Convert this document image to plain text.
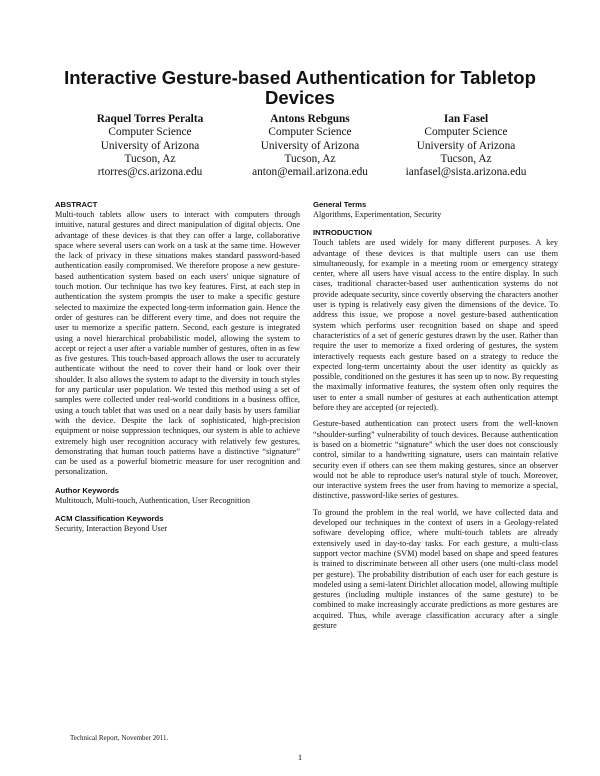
Interactive Gesture-based Authentication for Tabletop Devices
Raquel Torres Peralta
Computer Science
University of Arizona
Tucson, Az
rtorres@cs.arizona.edu
Antons Rebguns
Computer Science
University of Arizona
Tucson, Az
anton@email.arizona.edu
Ian Fasel
Computer Science
University of Arizona
Tucson, Az
ianfasel@sista.arizona.edu
ABSTRACT

Multi-touch tablets allow users to interact with computers through intuitive, natural gestures and direct manipulation of digital objects. One advantage of these devices is that they can offer a large, collaborative space where several users can work on a task at the same time. However the lack of privacy in these situations makes standard password-based authentication easily compromised. We therefore propose a new gesture-based authentication system based on each users' unique signature of touch motion. Our technique has two key features. First, at each step in authentication the system prompts the user to make a specific gesture selected to maximize the expected long-term information gain. Hence the order of gestures can be different every time, and does not require the user to memorize a specific pattern. Second, each gesture is integrated using a novel hierarchical probabilistic model, allowing the system to accept or reject a user after a variable number of gestures, often in as few as five gestures. This touch-based approach allows the user to accurately authenticate without the need to cover their hand or look over their shoulder. It also allows the system to adapt to the diversity in touch styles for any particular user population. We tested this method using a set of samples were collected under real-world conditions in a business office, using a touch tablet that was used on a near daily basis by users familiar with the device. Despite the lack of sophisticated, high-precision equipment or noise suppression techniques, our system is able to achieve extremely high user recognition accuracy with relatively few gestures, demonstrating that human touch patterns have a distinctive “signature” can be used as a powerful biometric measure for user recognition and personalization.

Author Keywords

Multitouch, Multi-touch, Authentication, User Recognition

ACM Classification Keywords

Security, Interaction Beyond User

General Terms

Algorithms, Experimentation, Security

INTRODUCTION

Touch tablets are used widely for many different purposes. A key advantage of these devices is that multiple users can use them simultaneously, for example in a meeting room or emergency strategy center, where all users have visual access to the entire display. In such cases, traditional character-based user authentication systems do not provide adequate security, since covertly observing the characters another user is typing is relatively easy given the dimensions of the device. To address this issue, we propose a novel gesture-based authentication system which performs user recognition based on shape and speed characteristics of a set of generic gestures drawn by the user. Rather than require the user to memorize a fixed ordering of gestures, the system interactively requests each gesture based on a strategy to reduce the expected long-term uncertainty about the user identity as quickly as possible, conditioned on the gestures it has seen up to now. By requesting the maximally informative features, the system often only requires the user to enter a small number of gestures at each authentication attempt before they are accepted (or rejected).

Gesture-based authentication can protect users from the well-known “shoulder-surfing” vulnerability of touch devices. Because authentication is based on a biometric “signature” which the user does not consciously control, similar to a handwriting signature, users can maintain relative security even if others can see them making gestures, since an observer would not be able to reproduce user's natural style of touch. Moreover, our interactive system frees the user from having to memorize a special, distinctive, password-like series of gestures.

To ground the problem in the real world, we have collected data and developed our techniques in the context of users in a Geology-related software developing office, where multi-touch tablets are already extensively used in day-to-day tasks. For each gesture, a multi-class support vector machine (SVM) model based on shape and speed features is trained to discriminate between all other users (one multi-class model per gesture). The probability distribution of each user for each gesture is modeled using a semi-latent Dirichlet allocation model, allowing multiple gestures (including multiple instances of the same gesture) to be combined to make increasingly accurate predictions as more gestures are acquired. Thus, while average classification accuracy after a single gesture

Technical Report, November 2011.
1
